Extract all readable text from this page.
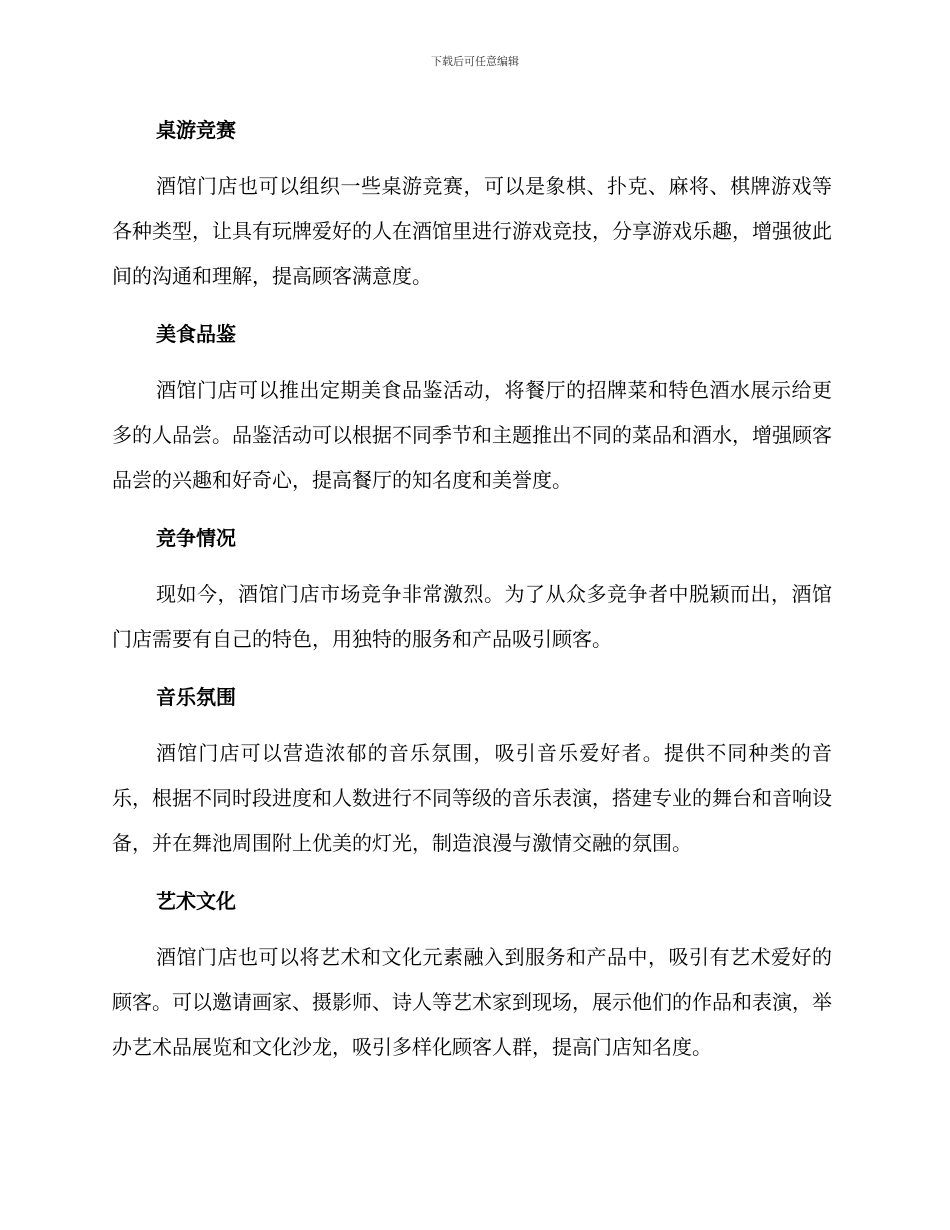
下载后可任意编辑
桌游竞赛

酒馆门店也可以组织一些桌游竞赛，可以是象棋、扑克、麻将、棋牌游戏等各种类型，让具有玩牌爱好的人在酒馆里进行游戏竞技，分享游戏乐趣，增强彼此间的沟通和理解，提高顾客满意度。

美食品鉴

酒馆门店可以推出定期美食品鉴活动，将餐厅的招牌菜和特色酒水展示给更多的人品尝。品鉴活动可以根据不同季节和主题推出不同的菜品和酒水，增强顾客品尝的兴趣和好奇心，提高餐厅的知名度和美誉度。

竞争情况

现如今，酒馆门店市场竞争非常激烈。为了从众多竞争者中脱颖而出，酒馆门店需要有自己的特色，用独特的服务和产品吸引顾客。

音乐氛围

酒馆门店可以营造浓郁的音乐氛围，吸引音乐爱好者。提供不同种类的音乐，根据不同时段进度和人数进行不同等级的音乐表演，搭建专业的舞台和音响设备，并在舞池周围附上优美的灯光，制造浪漫与激情交融的氛围。

艺术文化

酒馆门店也可以将艺术和文化元素融入到服务和产品中，吸引有艺术爱好的顾客。可以邀请画家、摄影师、诗人等艺术家到现场，展示他们的作品和表演，举办艺术品展览和文化沙龙，吸引多样化顾客人群，提高门店知名度。
